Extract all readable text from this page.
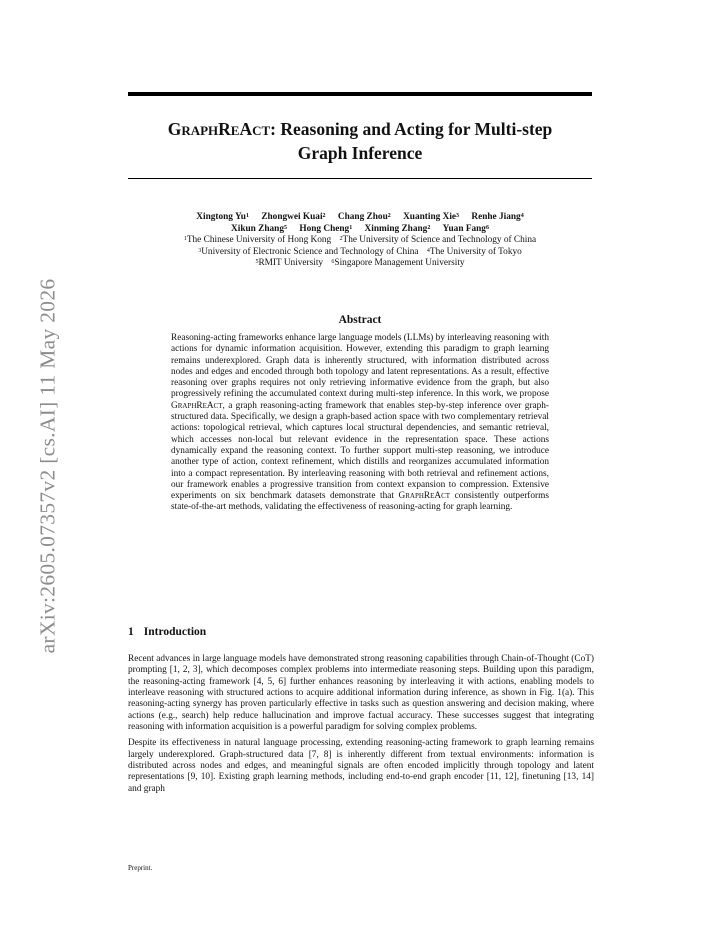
arXiv:2605.07357v2 [cs.AI] 11 May 2026
GRAPHREACT: Reasoning and Acting for Multi-step
Graph Inference
Xingtong Yu$^1$ Zhongwei Kuai$^2$ Chang Zhou$^2$ Xuanting Xie$^3$ Renhe Jiang$^4$
Xikun Zhang$^5$ Hong Cheng$^1$ Xinming Zhang$^2$ Yuan Fang$^6$
$^1$The Chinese University of Hong Kong $^2$The University of Science and Technology of China
$^3$University of Electronic Science and Technology of China $^4$The University of Tokyo
$^5$RMIT University $^6$Singapore Management University
Abstract
Reasoning-acting frameworks enhance large language models (LLMs) by interleaving reasoning with actions for dynamic information acquisition. However, extending this paradigm to graph learning remains underexplored. Graph data is inherently structured, with information distributed across nodes and edges and encoded through both topology and latent representations. As a result, effective reasoning over graphs requires not only retrieving informative evidence from the graph, but also progressively refining the accumulated context during multi-step inference. In this work, we propose GraphReAct, a graph reasoning-acting framework that enables step-by-step inference over graph-structured data. Specifically, we design a graph-based action space with two complementary retrieval actions: topological retrieval, which captures local structural dependencies, and semantic retrieval, which accesses non-local but relevant evidence in the representation space. These actions dynamically expand the reasoning context. To further support multi-step reasoning, we introduce another type of action, context refinement, which distills and reorganizes accumulated information into a compact representation. By interleaving reasoning with both retrieval and refinement actions, our framework enables a progressive transition from context expansion to compression. Extensive experiments on six benchmark datasets demonstrate that GraphReAct consistently outperforms state-of-the-art methods, validating the effectiveness of reasoning-acting for graph learning.
1 Introduction

Recent advances in large language models have demonstrated strong reasoning capabilities through Chain-of-Thought (CoT) prompting [1, 2, 3], which decomposes complex problems into intermediate reasoning steps. Building upon this paradigm, the reasoning-acting framework [4, 5, 6] further enhances reasoning by interleaving it with actions, enabling models to interleave reasoning with structured actions to acquire additional information during inference, as shown in Fig. 1(a). This reasoning-acting synergy has proven particularly effective in tasks such as question answering and decision making, where actions (e.g., search) help reduce hallucination and improve factual accuracy. These successes suggest that integrating reasoning with information acquisition is a powerful paradigm for solving complex problems.

Despite its effectiveness in natural language processing, extending reasoning-acting framework to graph learning remains largely underexplored. Graph-structured data [7, 8] is inherently different from textual environments: information is distributed across nodes and edges, and meaningful signals are often encoded implicitly through topology and latent representations [9, 10]. Existing graph learning methods, including end-to-end graph encoder [11, 12], finetuning [13, 14] and graph

Preprint.
